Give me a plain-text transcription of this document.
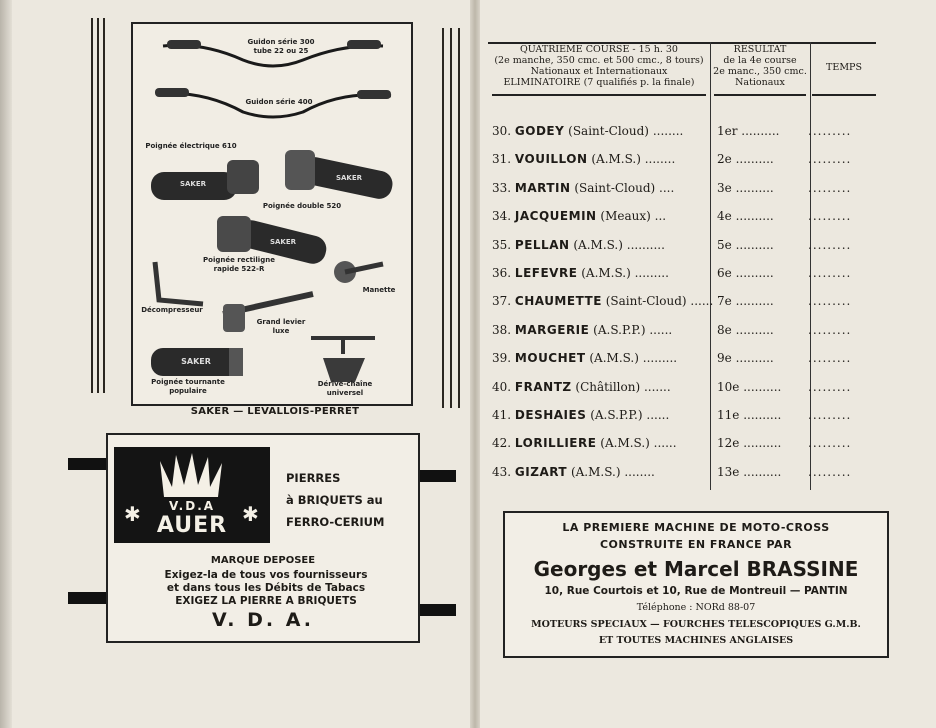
Guidon série 300
tube 22 ou 25
Guidon série 400
Poignée électrique 610
Poignée double 520
Poignée rectiligne
rapide 522-R
Manette
Décompresseur
Grand levier
luxe
Poignée tournante
populaire
Dérive-chaîne
universel
SAKER
SAKER
SAKER
SAKER
SAKER — LEVALLOIS-PERRET
✱	✱
V.D.A
AUER
PIERRES
à BRIQUETS au
FERRO-CERIUM
MARQUE DEPOSEE
Exigez-la de tous vos fournisseurs
et dans tous les Débits de Tabacs
EXIGEZ LA PIERRE A BRIQUETS
V. D. A.
QUATRIEME COURSE - 15 h. 30
(2e manche, 350 cmc. et 500 cmc., 8 tours)
Nationaux et Internationaux
ELIMINATOIRE (7 qualifiés p. la finale)
RESULTAT
de la 4e course
2e manc., 350 cmc.
Nationaux
TEMPS
30. GODEY (Saint-Cloud) ........	1er .......... .........
31. VOUILLON (A.M.S.) ........	2e ..........	.........
33. MARTIN (Saint-Cloud) ....	3e ..........	.........
34. JACQUEMIN (Meaux) ...	4e ..........	.........
35. PELLAN (A.M.S.) ..........	5e ..........	.........
36. LEFEVRE (A.M.S.) .........	6e ..........	.........
37. CHAUMETTE (Saint-Cloud) ...... 7e ..........	.........
38. MARGERIE (A.S.P.P.) ......	8e ..........	.........
39. MOUCHET (A.M.S.) .........	9e ..........	.........
40. FRANTZ (Châtillon) .......	10e .......... .........
41. DESHAIES (A.S.P.P.) ......	11e .......... .........
42. LORILLIERE (A.M.S.) ......	12e .......... .........
43. GIZART (A.M.S.) ........	13e .......... .........
LA PREMIERE MACHINE DE MOTO-CROSS
CONSTRUITE EN FRANCE PAR
Georges et Marcel BRASSINE
10, Rue Courtois et 10, Rue de Montreuil — PANTIN
Téléphone : NORd 88-07
MOTEURS SPECIAUX — FOURCHES TELESCOPIQUES G.M.B.
ET TOUTES MACHINES ANGLAISES
